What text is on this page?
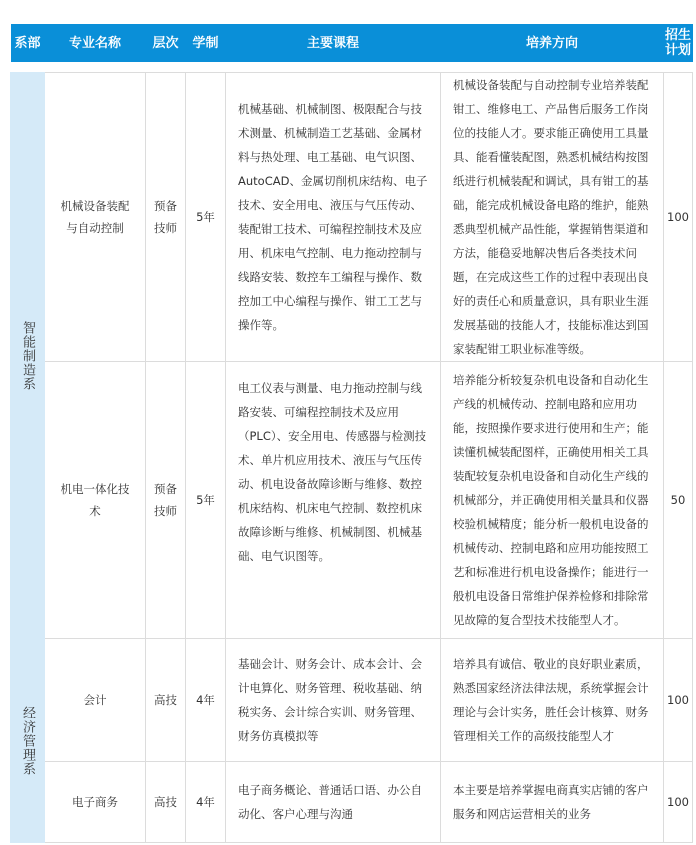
系部	专业名称	层次	学制	主要课程	培养方向	招生计划

智能制造系	机械设备装配与自动控制	预备技师	5年	机械基础、机械制图、极限配合与技术测量、机械制造工艺基础、金属材料与热处理、电工基础、电气识图、AutoCAD、金属切削机床结构、电子技术、安全用电、液压与气压传动、装配钳工技术、可编程控制技术及应用、机床电气控制、电力拖动控制与线路安装、数控车工编程与操作、数控加工中心编程与操作、钳工工艺与操作等。	机械设备装配与自动控制专业培养装配钳工、维修电工、产品售后服务工作岗位的技能人才。要求能正确使用工具量具、能看懂装配图，熟悉机械结构按图纸进行机械装配和调试，具有钳工的基础，能完成机械设备电路的维护，能熟悉典型机械产品性能，掌握销售渠道和方法，能稳妥地解决售后各类技术问题，在完成这些工作的过程中表现出良好的责任心和质量意识，具有职业生涯发展基础的技能人才，技能标准达到国家装配钳工职业标准等级。	100
	机电一体化技术	预备技师	5年	电工仪表与测量、电力拖动控制与线路安装、可编程控制技术及应用（PLC）、安全用电、传感器与检测技术、单片机应用技术、液压与气压传动、机电设备故障诊断与维修、数控机床结构、机床电气控制、数控机床故障诊断与维修、机械制图、机械基础、电气识图等。	培养能分析较复杂机电设备和自动化生产线的机械传动、控制电路和应用功能，按照操作要求进行使用和生产；能读懂机械装配图样，正确使用相关工具装配较复杂机电设备和自动化生产线的机械部分，并正确使用相关量具和仪器校验机械精度；能分析一般机电设备的机械传动、控制电路和应用功能按照工艺和标准进行机电设备操作；能进行一般机电设备日常维护保养检修和排除常见故障的复合型技术技能型人才。	50

经济管理系	会计	高技	4年	基础会计、财务会计、成本会计、会计电算化、财务管理、税收基础、纳税实务、会计综合实训、财务管理、财务仿真模拟等	培养具有诚信、敬业的良好职业素质，熟悉国家经济法律法规，系统掌握会计理论与会计实务，胜任会计核算、财务管理相关工作的高级技能型人才	100
	电子商务	高技	4年	电子商务概论、普通话口语、办公自动化、客户心理与沟通	本主要是培养掌握电商真实店铺的客户服务和网店运营相关的业务	100
